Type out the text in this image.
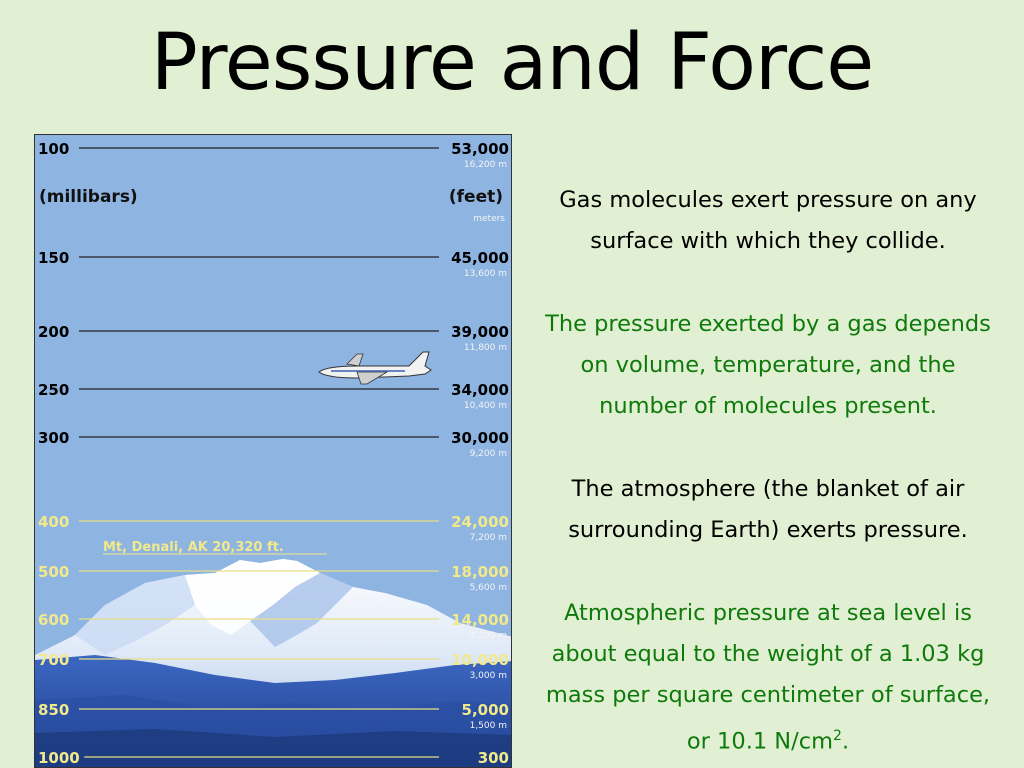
Pressure and Force
100	53,000
16,200 m
150	45,000
13,600 m
200	39,000
11,800 m
250	34,000
10,400 m
300	30,000
9,200 m
400	24,000
7,200 m
500	18,000
5,600 m
600	14,000
4,200 m
700	10,000
3,000 m
850	5,000
1,500 m
1000	300
(millibars)	(feet)
meters
Mt, Denali, AK 20,320 ft.
Gas molecules exert pressure on any
surface with which they collide.
The pressure exerted by a gas depends
on volume, temperature, and the
number of molecules present.
The atmosphere (the blanket of air
surrounding Earth) exerts pressure.
Atmospheric pressure at sea level is
about equal to the weight of a 1.03 kg
mass per square centimeter of surface,
or 10.1 $N/cm^2$.
